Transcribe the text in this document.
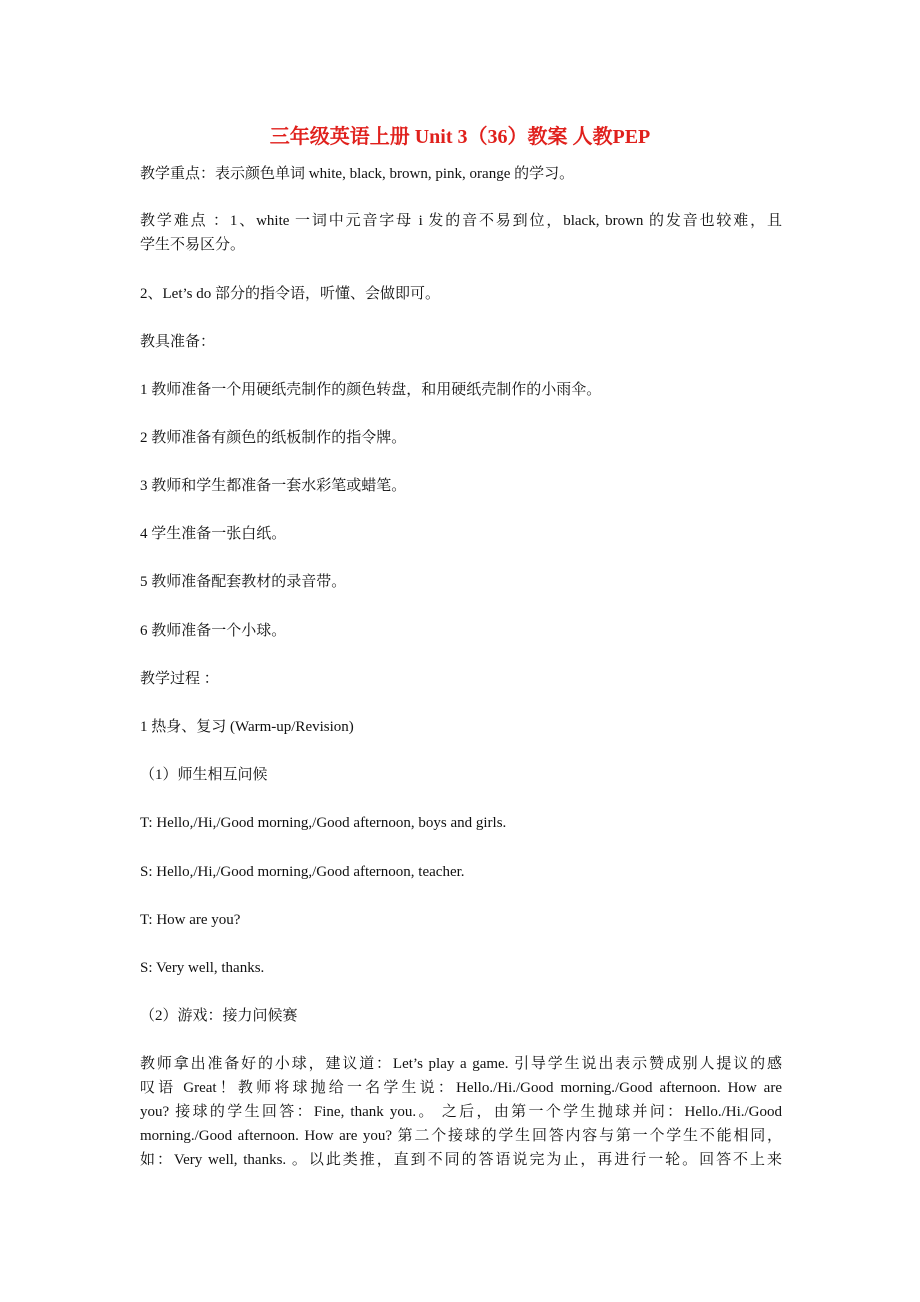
三年级英语上册 Unit 3（36）教案 人教PEP
教学重点：表示颜色单词 white, black, brown, pink, orange 的学习。
教学难点 ：1、white 一词中元音字母 i 发的音不易到位，black, brown 的发音也较难，且
学生不易区分。
2、Let’s do 部分的指令语，听懂、会做即可。
教具准备：
1 教师准备一个用硬纸壳制作的颜色转盘，和用硬纸壳制作的小雨伞。
2 教师准备有颜色的纸板制作的指令牌。
3 教师和学生都准备一套水彩笔或蜡笔。
4 学生准备一张白纸。
5 教师准备配套教材的录音带。
6 教师准备一个小球。
教学过程 ：
1 热身、复习 (Warm-up/Revision)
（1）师生相互问候
T: Hello,/Hi,/Good morning,/Good afternoon, boys and girls.
S: Hello,/Hi,/Good morning,/Good afternoon, teacher.
T: How are you?
S: Very well, thanks.
（2）游戏：接力问候赛
教师拿出准备好的小球，建议道：Let’s play a game. 引导学生说出表示赞成别人提议的感
叹语 Great！教师将球抛给一名学生说：Hello./Hi./Good morning./Good afternoon. How are
you? 接球的学生回答：Fine, thank you.。 之后，由第一个学生抛球并问：Hello./Hi./Good
morning./Good afternoon. How are you? 第二个接球的学生回答内容与第一个学生不能相同，
如：Very well, thanks. 。以此类推，直到不同的答语说完为止，再进行一轮。回答不上来
